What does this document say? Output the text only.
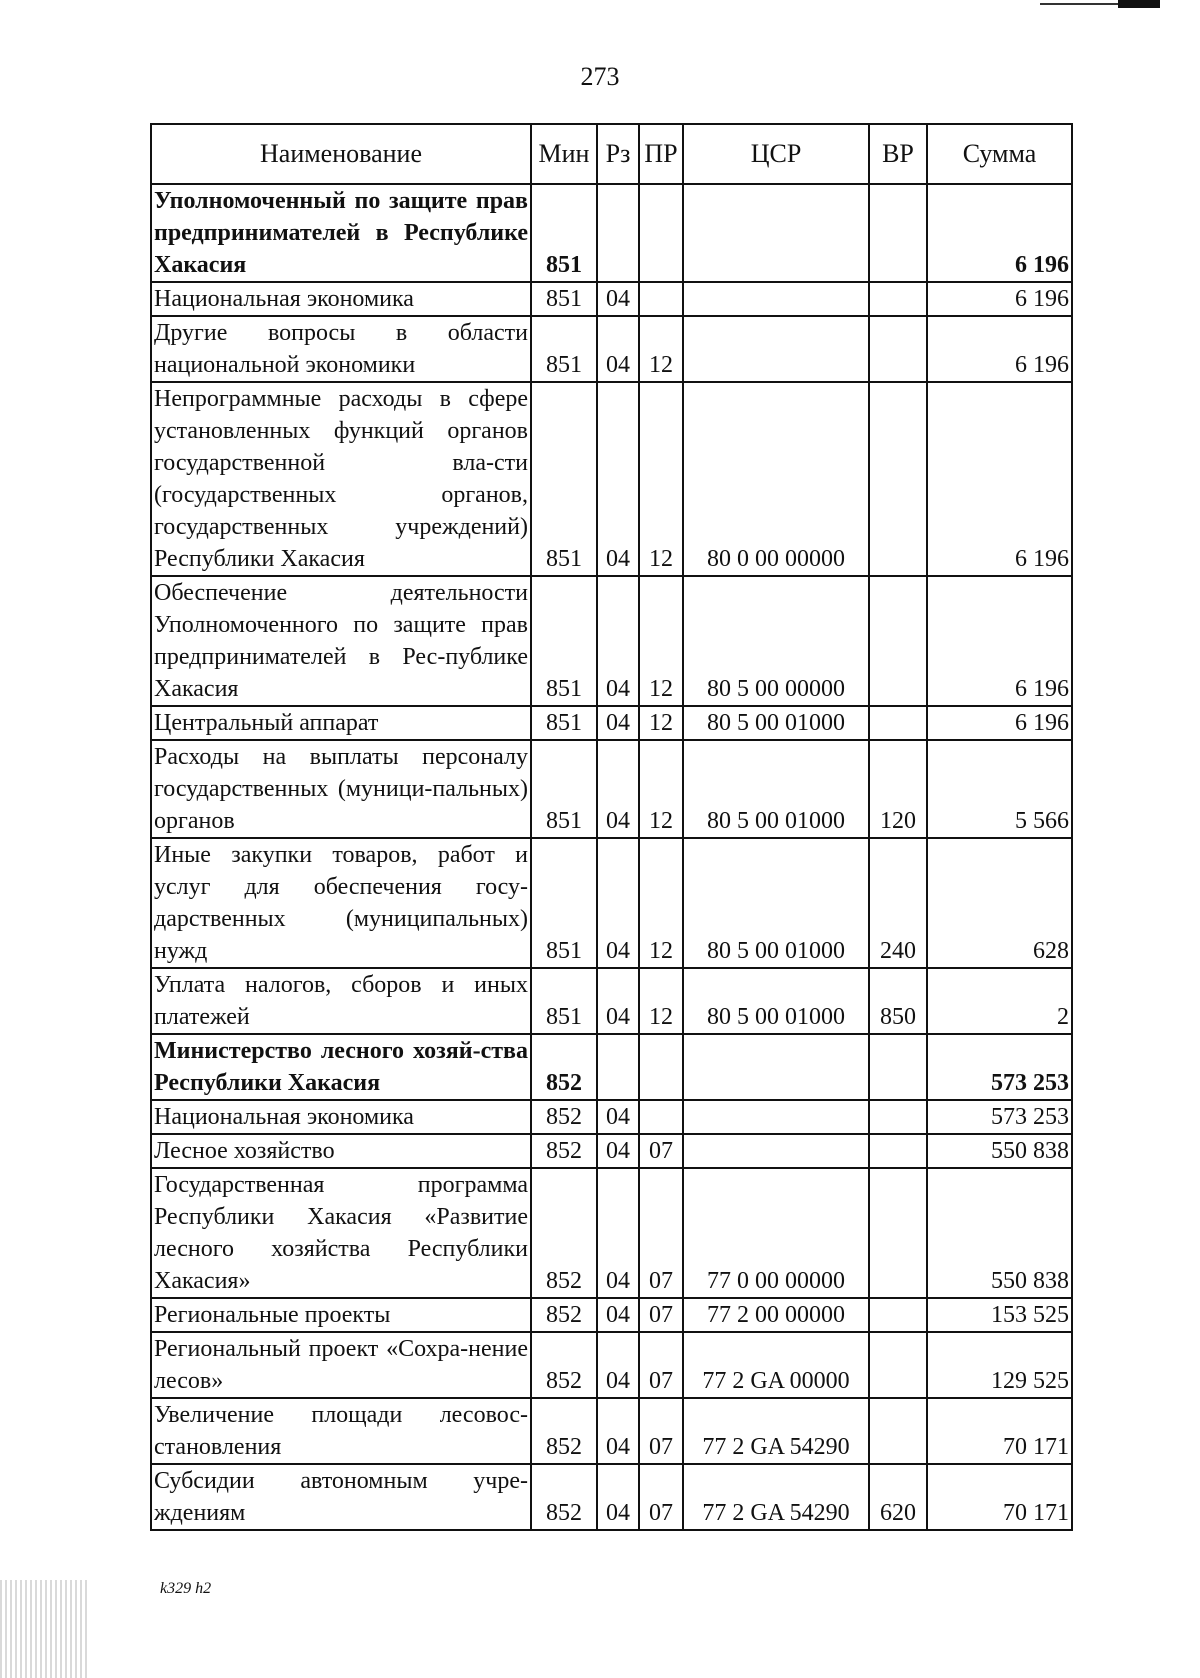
273
Наименование	Мин	Рз	ПР	ЦСР	ВР	Сумма
Уполномоченный по защите прав предпринимателей в Республике Хакасия	851					6 196
Национальная экономика	851	04				6 196
Другие вопросы в области национальной экономики	851	04	12			6 196
Непрограммные расходы в сфере установленных функций органов государственной вла-сти (государственных органов, государственных учреждений) Республики Хакасия	851	04	12	80 0 00 00000		6 196
Обеспечение деятельности Уполномоченного по защите прав предпринимателей в Рес-публике Хакасия	851	04	12	80 5 00 00000		6 196
Центральный аппарат	851	04	12	80 5 00 01000		6 196
Расходы на выплаты персоналу государственных (муници-пальных) органов	851	04	12	80 5 00 01000	120	5 566
Иные закупки товаров, работ и услуг для обеспечения госу-дарственных (муниципальных) нужд	851	04	12	80 5 00 01000	240	628
Уплата налогов, сборов и иных платежей	851	04	12	80 5 00 01000	850	2
Министерство лесного хозяй-ства Республики Хакасия	852					573 253
Национальная экономика	852	04				573 253
Лесное хозяйство	852	04	07			550 838
Государственная программа Республики Хакасия «Развитие лесного хозяйства Республики Хакасия»	852	04	07	77 0 00 00000		550 838
Региональные проекты	852	04	07	77 2 00 00000		153 525
Региональный проект «Сохра-нение лесов»	852	04	07	77 2 GA 00000		129 525
Увеличение площади лесовос-становления	852	04	07	77 2 GA 54290		70 171
Субсидии автономным учре-ждениям	852	04	07	77 2 GA 54290	620	70 171
k329 h2
